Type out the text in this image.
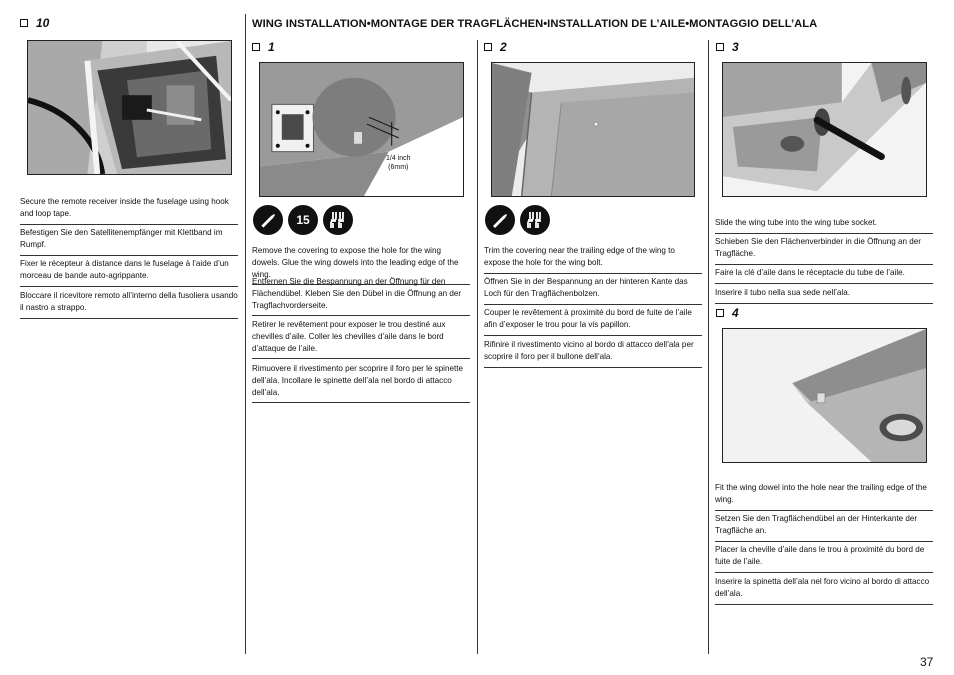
WING INSTALLATION•MONTAGE DER TRAGFLÄCHEN•INSTALLATION DE L’AILE•MONTAGGIO DELL’ALA
10
Secure the remote receiver inside the fuselage using hook and loop tape.
Befestigen Sie den Satellitenempfänger mit Klettband im Rumpf.
Fixer le récepteur à distance dans le fuselage à l’aide d’un morceau de bande auto-agrippante.
Bloccare il ricevitore remoto all’interno della fusoliera usando il nastro a strappo.
1
1/4 inch
(6mm)
15
Remove the covering to expose the hole for the wing dowels. Glue the wing dowels into the leading edge of the wing.
Entfernen Sie die Bespannung an der Öffnung für den Flächendübel. Kleben Sie den Dübel in die Öffnung an der Tragflachvorderseite.
Retirer le revêtement pour exposer le trou destiné aux chevilles d’aile. Coller les chevilles d’aile dans le bord d’attaque de l’aile.
Rimuovere il rivestimento per scoprire il foro per le spinette dell’ala. Incollare le spinette dell’ala nel bordo di attacco dell’ala.
2
Trim the covering near the trailing edge of the wing to expose the hole for the wing bolt.
Öffnen Sie in der Bespannung an der hinteren Kante das Loch für den Tragflächenbolzen.
Couper le revêtement à proximité du bord de fuite de l’aile afin d’exposer le trou pour la vis papillon.
Rifinire il rivestimento vicino al bordo di attacco dell’ala per scoprire il foro per il bullone dell’ala.
3
Slide the wing tube into the wing tube socket.
Schieben Sie den Flächenverbinder in die Öffnung an der Tragfläche.
Faire la clé d’aile dans le réceptacle du tube de l’aile.
Inserire il tubo nella sua sede nell’ala.
4
Fit the wing dowel into the hole near the trailing edge of the wing.
Setzen Sie den Tragflächendübel an der Hinterkante der Tragfläche an.
Placer la cheville d’aile dans le trou à proximité du bord de fuite de l’aile.
Inserire la spinetta dell’ala nel foro vicino al bordo di attacco dell’ala.
37
